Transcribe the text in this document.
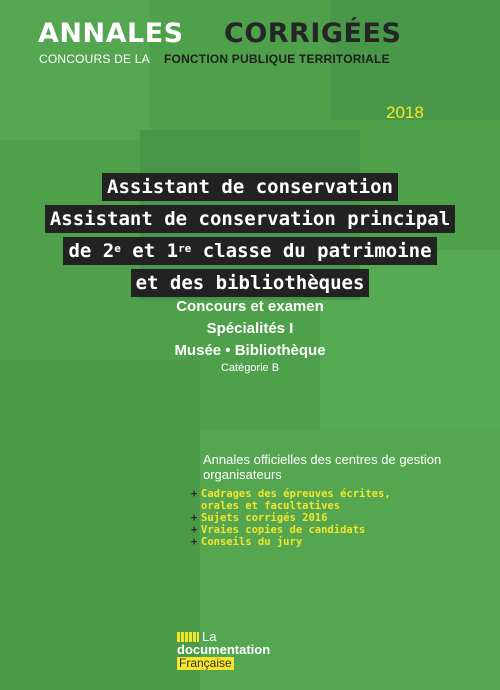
ANNALES CORRIGÉES
CONCOURS DE LA FONCTION PUBLIQUE TERRITORIALE
2018
Assistant de conservation
Assistant de conservation principal
de 2e et 1re classe du patrimoine
et des bibliothèques
Concours et examen
Spécialités I
Musée • Bibliothèque
Catégorie B
Annales officielles des centres de gestion organisateurs
+ Cadrages des épreuves écrites,
orales et facultatives
+ Sujets corrigés 2016
+ Vraies copies de candidats
+ Conseils du jury
La
documentation
Française
